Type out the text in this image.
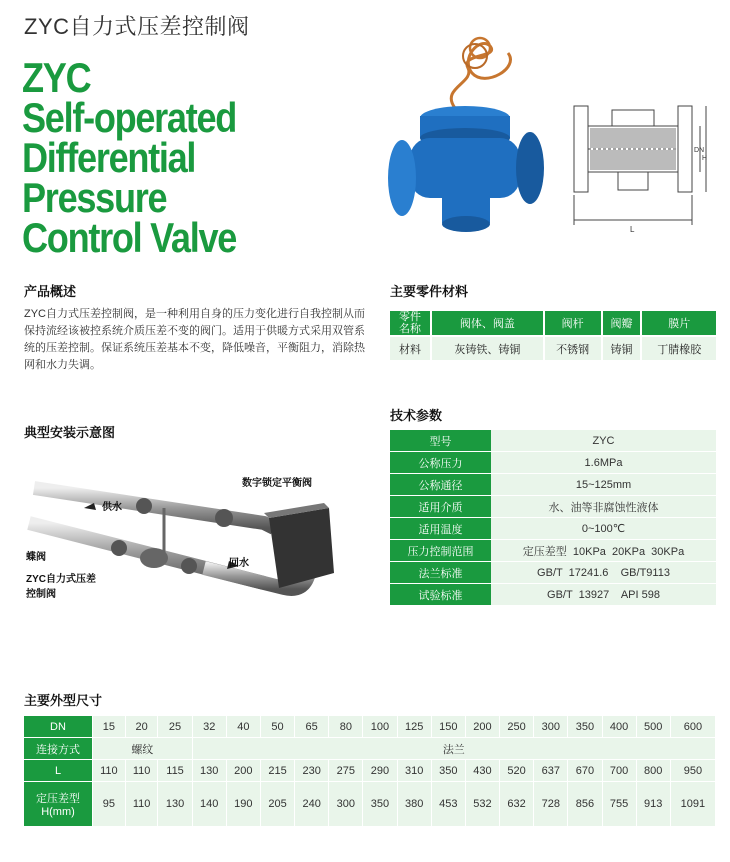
ZYC自力式压差控制阀
ZYC
Self-operated
Differential
Pressure
Control Valve	L
DN
H
产品概述
ZYC自力式压差控制阀，是一种利用自身的压力变化进行自我控制从而保持流经该被控系统介质压差不变的阀门。适用于供暖方式采用双管系统的压差控制。保证系统压差基本不变，降低噪音，平衡阻力，消除热网和水力失调。
主要零件材料
零件
名称	阀体、阀盖	阀杆	阀瓣	膜片
材料	灰铸铁、铸铜	不锈钢	铸铜	丁腈橡胶
典型安装示意图
数字锁定平衡阀
供水
回水
蝶阀
ZYC自力式压差
控制阀
技术参数
型号	ZYC
公称压力	1.6MPa
公称通径	15~125mm
适用介质	水、油等非腐蚀性液体
适用温度	0~100℃
压力控制范围	定压差型  10KPa  20KPa  30KPa
法兰标准	GB/T  17241.6    GB/T9113
试验标准	GB/T  13927    API 598
主要外型尺寸
DN	15	20	25	32	40	50	65	80	100	125	150	200	250	300	350	400	500	600
连接方式	螺纹			法兰														
L	110	110	115	130	200	215	230	275	290	310	350	430	520	637	670	700	800	950

定压差型
H(mm)	95	110	130	140	190	205	240	300	350	380	453	532	632	728	856	755	913	1091
